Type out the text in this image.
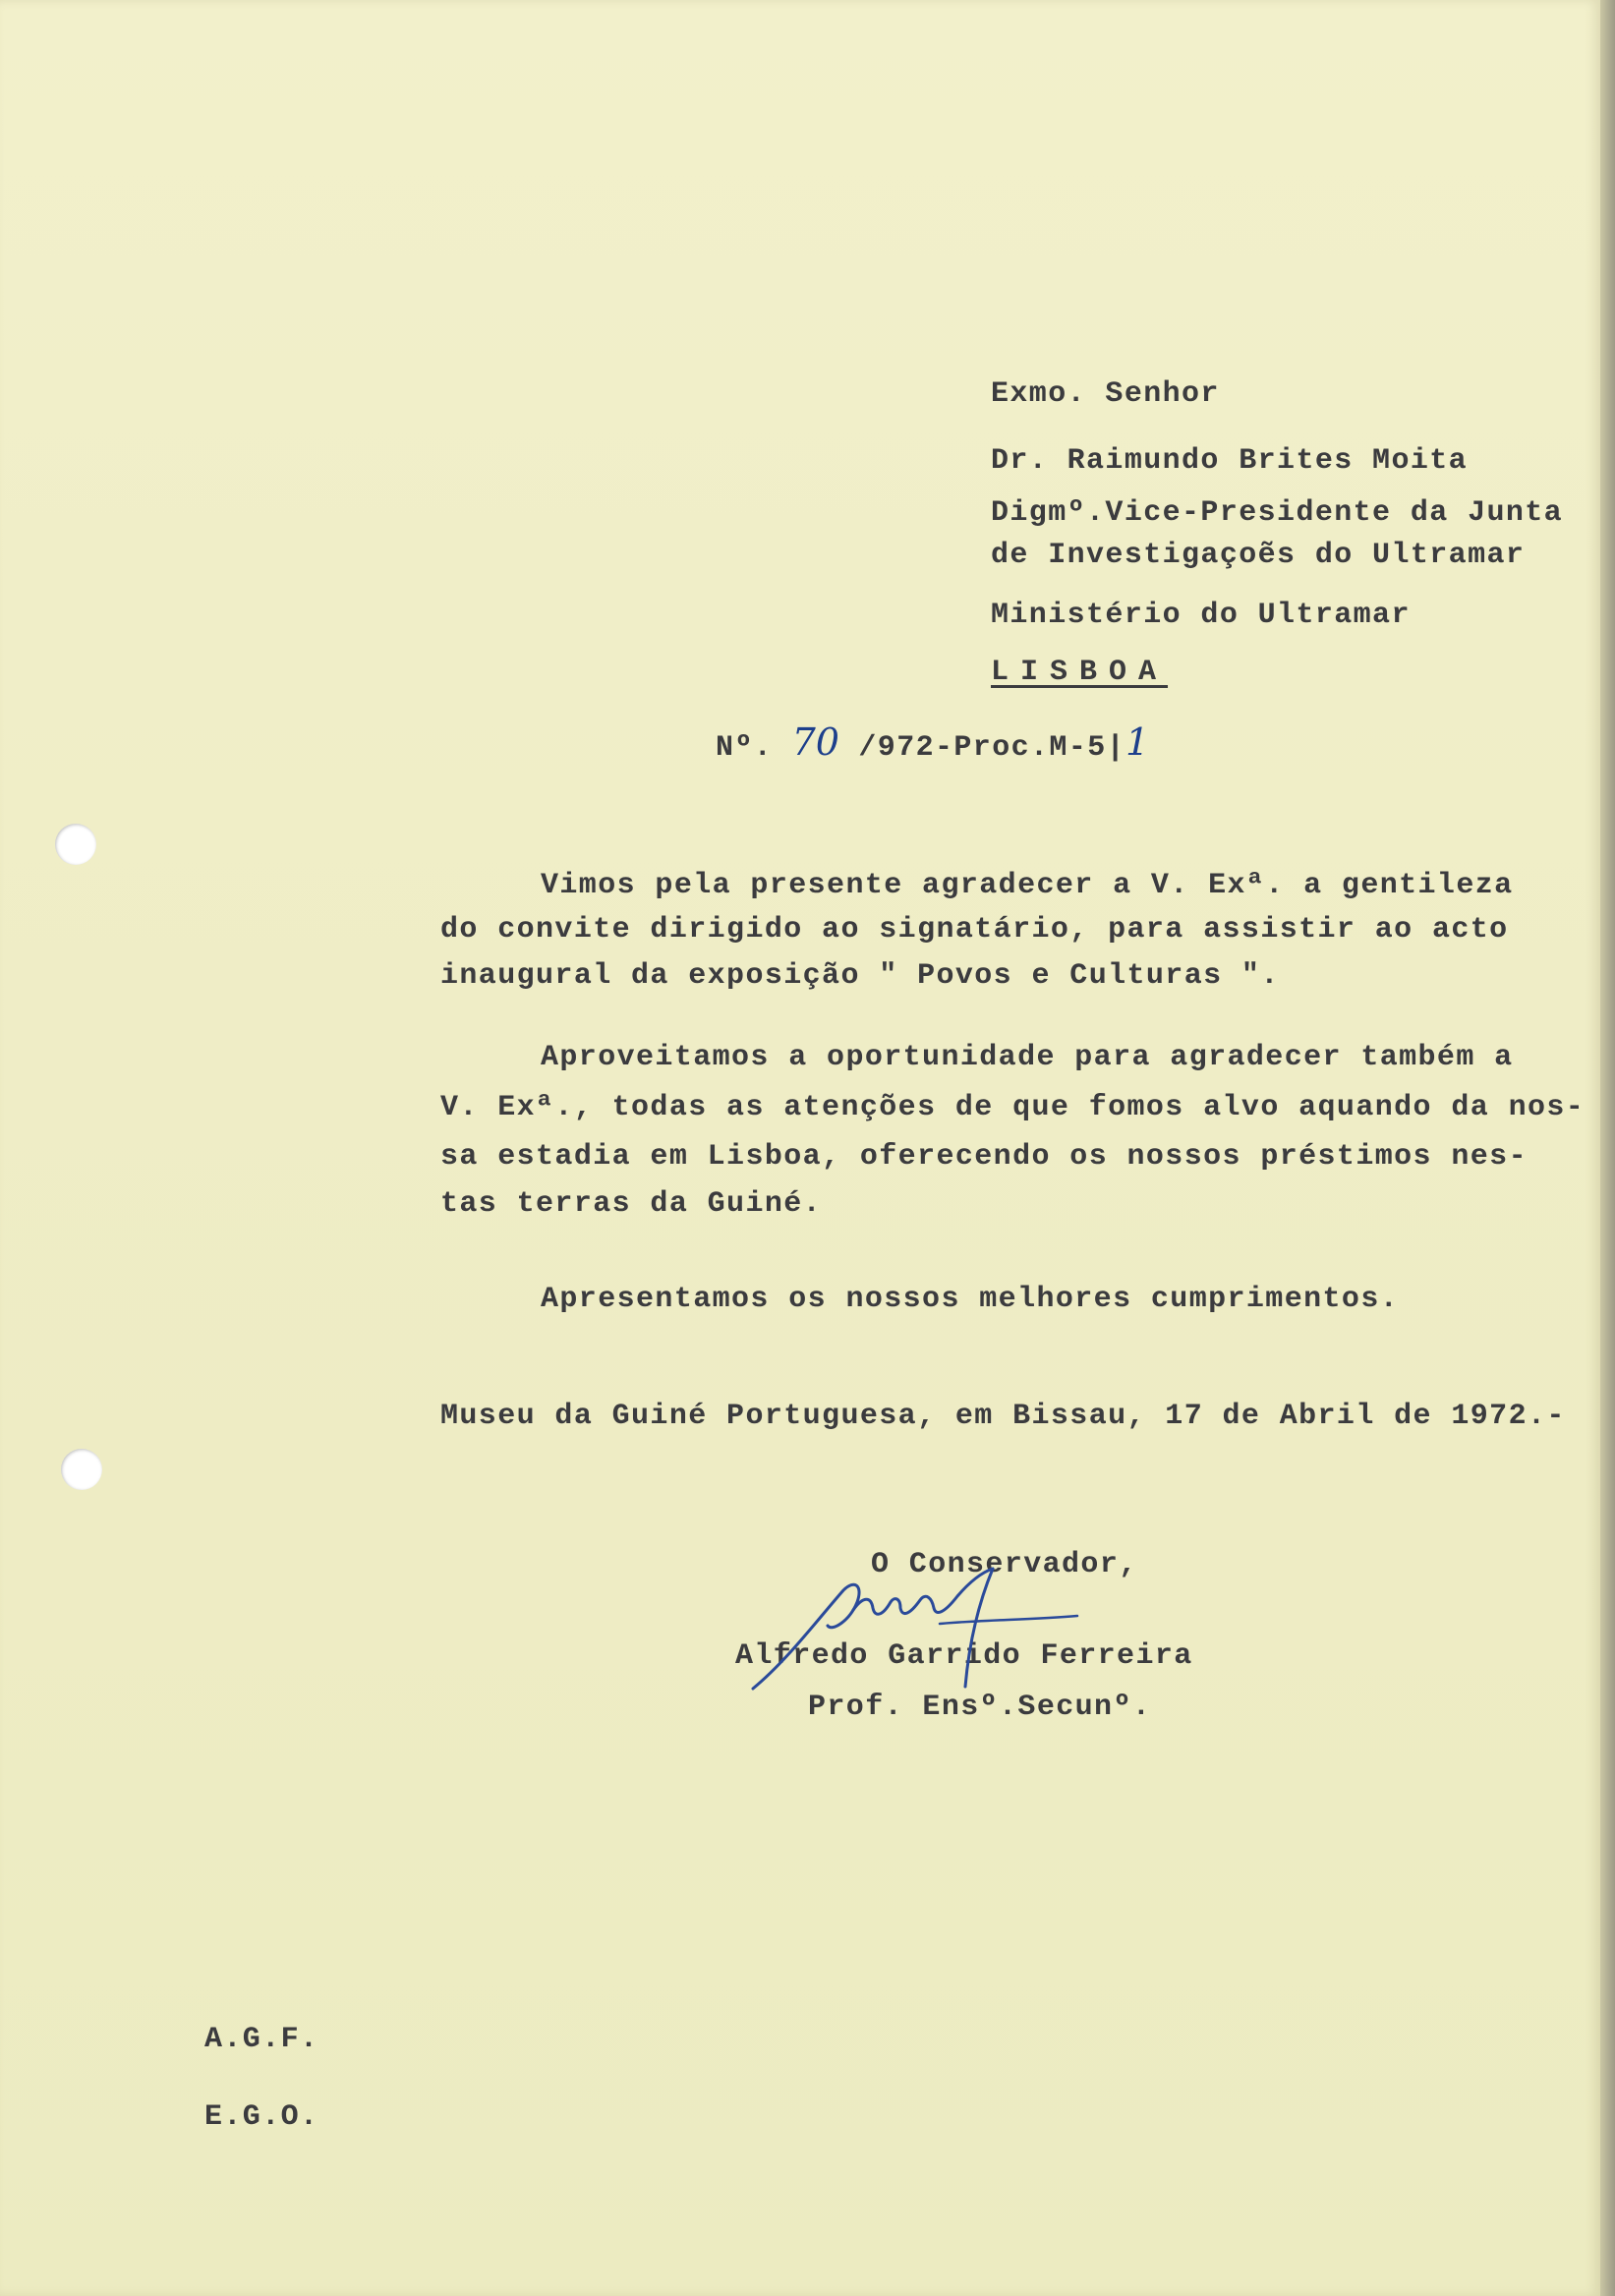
Exmo. Senhor
Dr. Raimundo Brites Moita
Digmº.Vice-Presidente da Junta
de Investigaçoẽs do Ultramar
Ministério do Ultramar
LISBOA
Nº. 70 /972-Proc.M-5|1
Vimos pela presente agradecer a V. Exª. a gentileza
do convite dirigido ao signatário, para assistir ao acto
inaugural da exposição " Povos e Culturas ".
Aproveitamos a oportunidade para agradecer também a
V. Exª., todas as atenções de que fomos alvo aquando da nos-
sa estadia em Lisboa, oferecendo os nossos préstimos nes-
tas terras da Guiné.
Apresentamos os nossos melhores cumprimentos.
Museu da Guiné Portuguesa, em Bissau, 17 de Abril de 1972.-
O Conservador,
Alfredo Garrido Ferreira
Prof. Ensº.Secunº.
A.G.F.
E.G.O.
